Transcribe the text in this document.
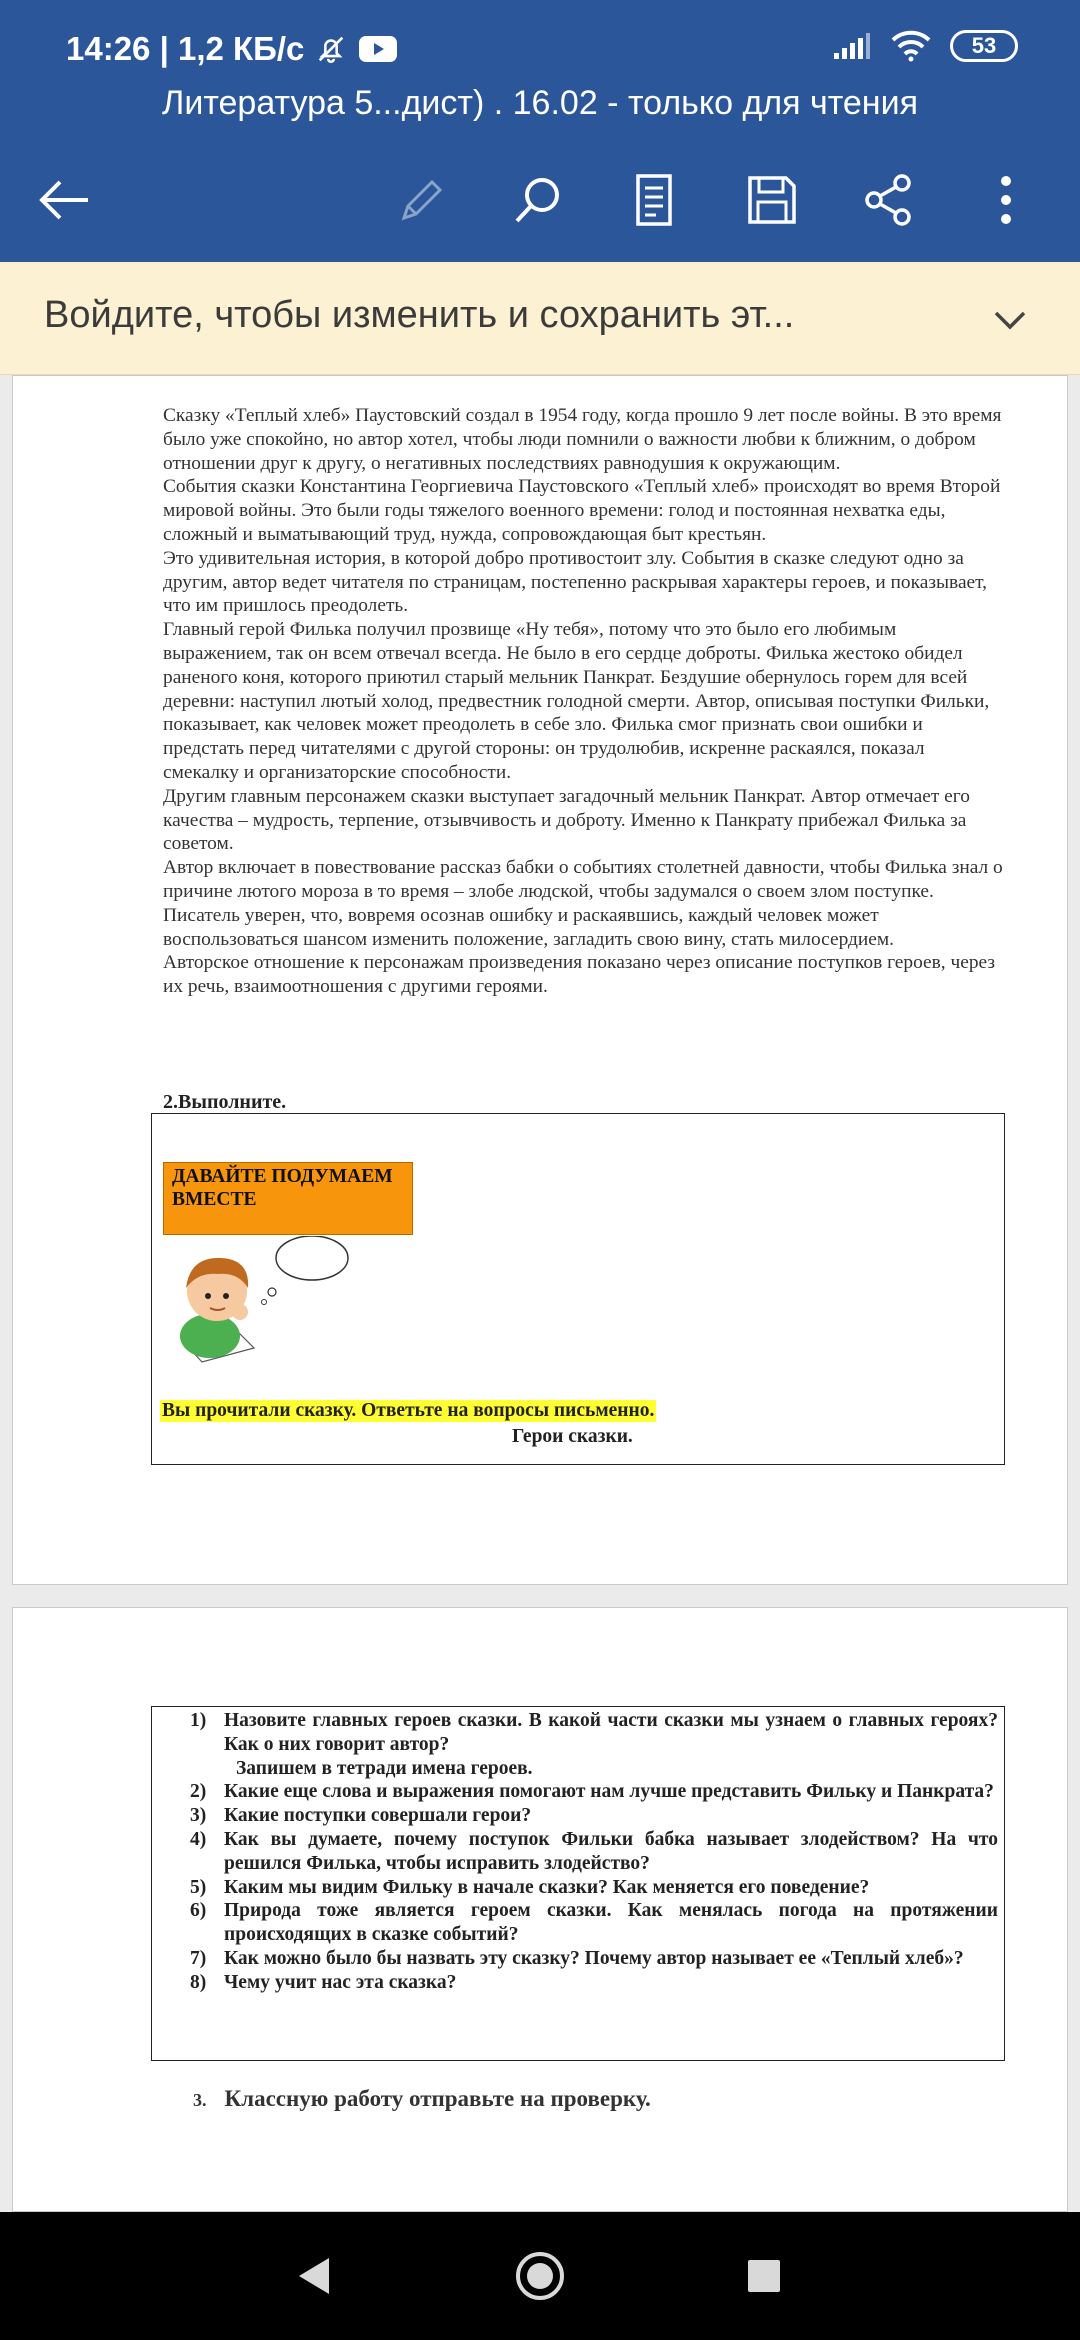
14:26 | 1,2 КБ/с	53
Литература 5...дист) . 16.02 - только для чтения
Войдите, чтобы изменить и сохранить эт...

Сказку «Теплый хлеб» Паустовский создал в 1954 году, когда прошло 9 лет после войны. В это время было уже спокойно, но автор хотел, чтобы люди помнили о важности любви к ближним, о добром отношении друг к другу, о негативных последствиях равнодушия к окружающим.

События сказки Константина Георгиевича Паустовского «Теплый хлеб» происходят во время Второй мировой войны. Это были годы тяжелого военного времени: голод и постоянная нехватка еды, сложный и выматывающий труд, нужда, сопровождающая быт крестьян.

Это удивительная история, в которой добро противостоит злу. События в сказке следуют одно за другим, автор ведет читателя по страницам, постепенно раскрывая характеры героев, и показывает, что им пришлось преодолеть.

Главный герой Филька получил прозвище «Ну тебя», потому что это было его любимым выражением, так он всем отвечал всегда. Не было в его сердце доброты. Филька жестоко обидел раненого коня, которого приютил старый мельник Панкрат. Бездушие обернулось горем для всей деревни: наступил лютый холод, предвестник голодной смерти. Автор, описывая поступки Фильки, показывает, как человек может преодолеть в себе зло. Филька смог признать свои ошибки и предстать перед читателями с другой стороны: он трудолюбив, искренне раскаялся, показал смекалку и организаторские способности.

Другим главным персонажем сказки выступает загадочный мельник Панкрат. Автор отмечает его качества – мудрость, терпение, отзывчивость и доброту. Именно к Панкрату прибежал Филька за советом.

Автор включает в повествование рассказ бабки о событиях столетней давности, чтобы Филька знал о причине лютого мороза в то время – злобе людской, чтобы задумался о своем злом поступке. Писатель уверен, что, вовремя осознав ошибку и раскаявшись, каждый человек может воспользоваться шансом изменить положение, загладить свою вину, стать милосердием.

Авторское отношение к персонажам произведения показано через описание поступков героев, через их речь, взаимоотношения с другими героями.

2.Выполните.
ДАВАЙТЕ ПОДУМАЕМ ВМЕСТЕ
Вы прочитали сказку. Ответьте на вопросы письменно.
Герои сказки.
1) Назовите главных героев сказки. В какой части сказки мы узнаем о главных героях? Как о них говорит автор?
Запишем в тетради имена героев.
2) Какие еще слова и выражения помогают нам лучше представить Фильку и Панкрата?
3) Какие поступки совершали герои?
4) Как вы думаете, почему поступок Фильки бабка называет злодейством? На что решился Филька, чтобы исправить злодейство?
5) Каким мы видим Фильку в начале сказки? Как меняется его поведение?
6) Природа тоже является героем сказки. Как менялась погода на протяжении происходящих в сказке событий?
7) Как можно было бы назвать эту сказку? Почему автор называет ее «Теплый хлеб»?
8) Чему учит нас эта сказка?
3. Классную работу отправьте на проверку.
